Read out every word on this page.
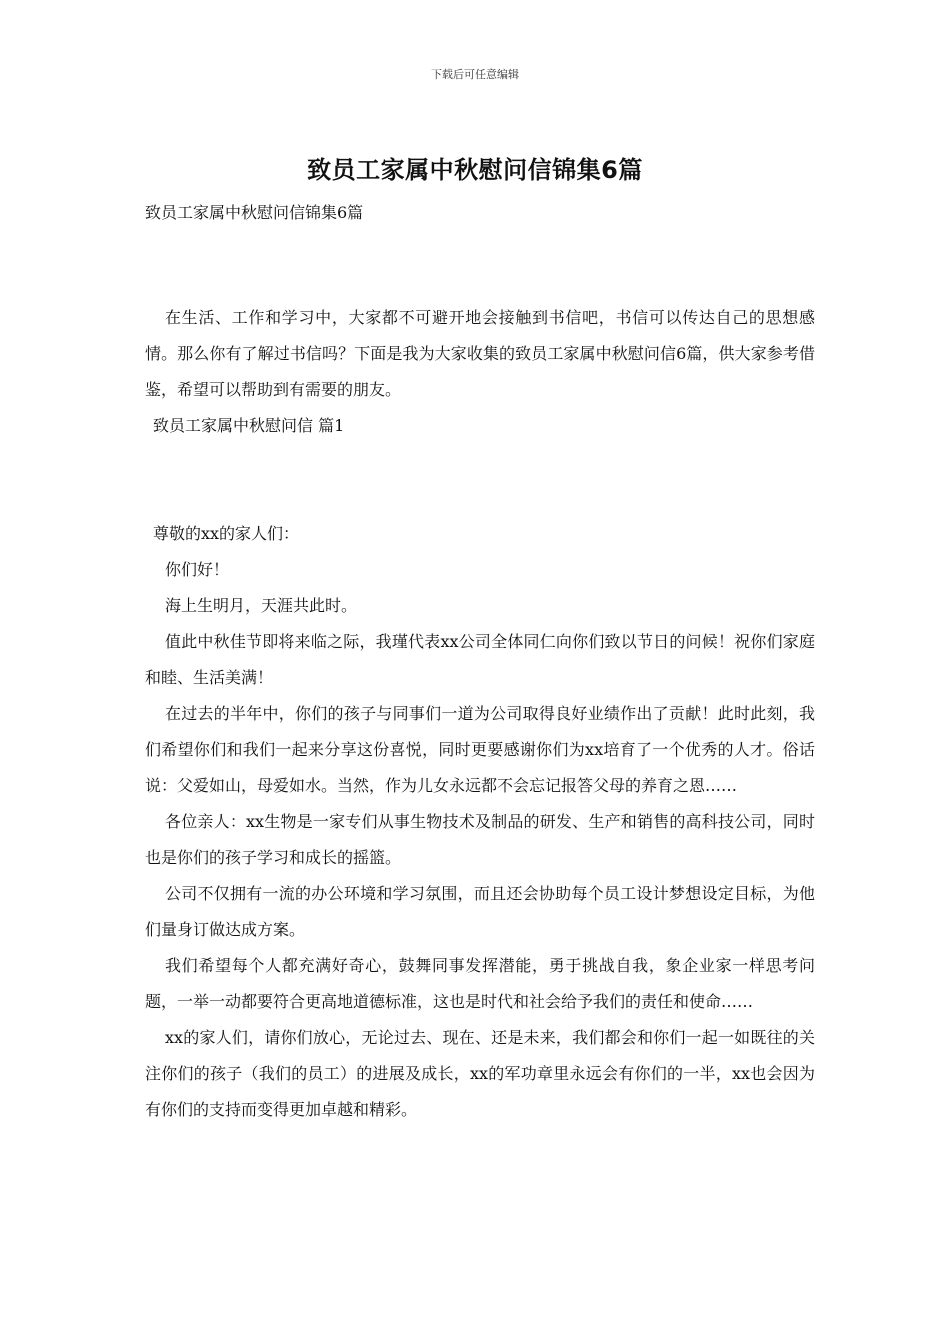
下载后可任意编辑
致员工家属中秋慰问信锦集6篇
致员工家属中秋慰问信锦集6篇

在生活、工作和学习中，大家都不可避开地会接触到书信吧，书信可以传达自己的思想感情。那么你有了解过书信吗？下面是我为大家收集的致员工家属中秋慰问信6篇，供大家参考借鉴，希望可以帮助到有需要的朋友。

致员工家属中秋慰问信 篇1

尊敬的xx的家人们：

你们好！

海上生明月，天涯共此时。

值此中秋佳节即将来临之际，我瑾代表xx公司全体同仁向你们致以节日的问候！祝你们家庭和睦、生活美满！

在过去的半年中，你们的孩子与同事们一道为公司取得良好业绩作出了贡献！此时此刻，我们希望你们和我们一起来分享这份喜悦，同时更要感谢你们为xx培育了一个优秀的人才。俗话说：父爱如山，母爱如水。当然，作为儿女永远都不会忘记报答父母的养育之恩……

各位亲人：xx生物是一家专们从事生物技术及制品的研发、生产和销售的高科技公司，同时也是你们的孩子学习和成长的摇篮。

公司不仅拥有一流的办公环境和学习氛围，而且还会协助每个员工设计梦想设定目标，为他们量身订做达成方案。

我们希望每个人都充满好奇心，鼓舞同事发挥潜能，勇于挑战自我，象企业家一样思考问题，一举一动都要符合更高地道德标准，这也是时代和社会给予我们的责任和使命……

xx的家人们，请你们放心，无论过去、现在、还是未来，我们都会和你们一起一如既往的关注你们的孩子（我们的员工）的进展及成长，xx的军功章里永远会有你们的一半，xx也会因为有你们的支持而变得更加卓越和精彩。
